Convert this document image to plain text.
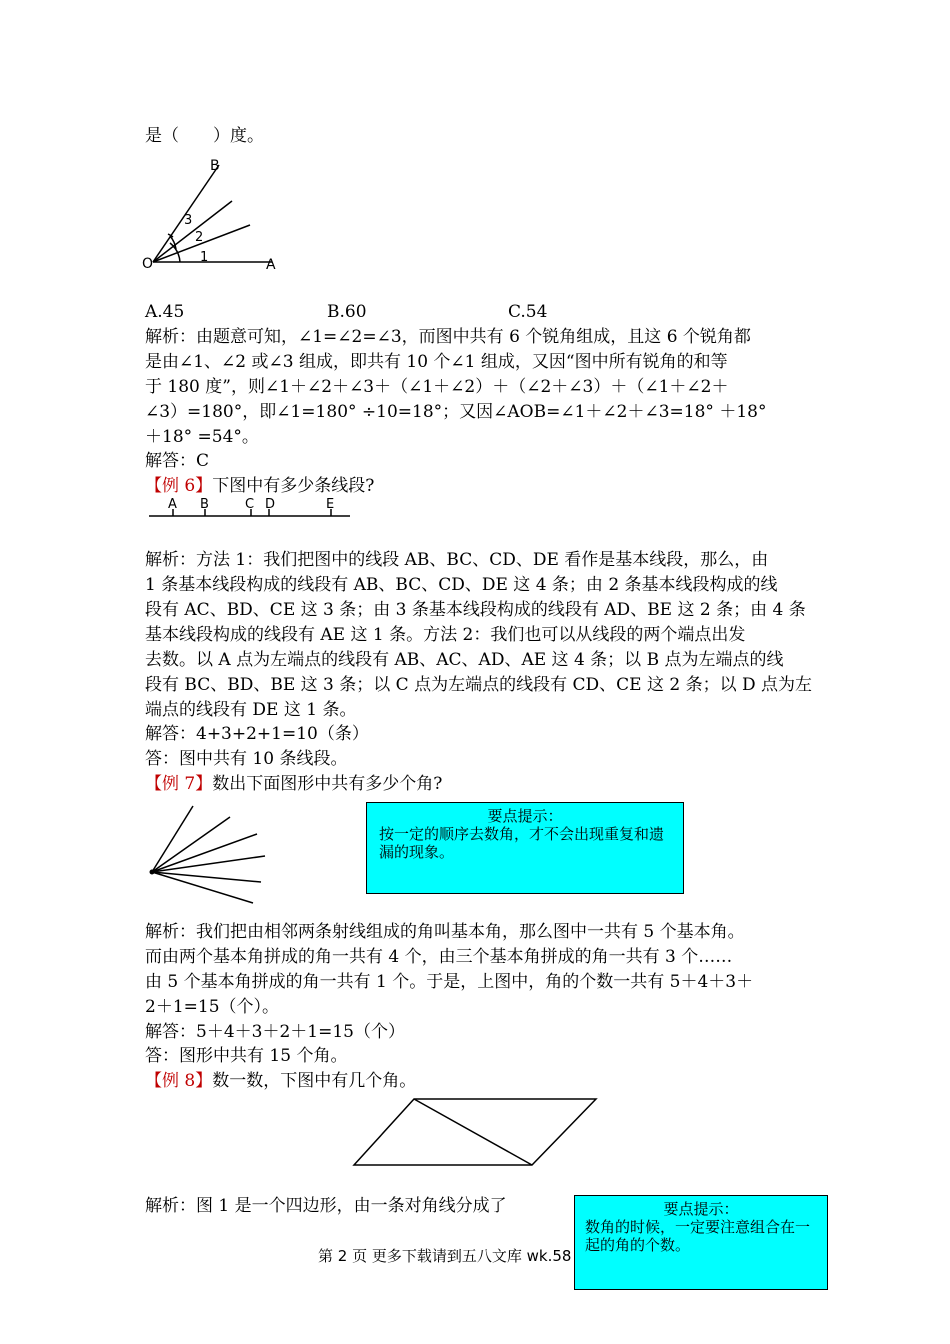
是（　　）度。
O	A
B
1
2
3
A.45	B.60	C.54
解析：由题意可知，∠1=∠2=∠3，而图中共有 6 个锐角组成，且这 6 个锐角都
是由∠1、∠2 或∠3 组成，即共有 10 个∠1 组成，又因“图中所有锐角的和等
于 180 度”，则∠1＋∠2＋∠3＋（∠1＋∠2）＋（∠2＋∠3）＋（∠1＋∠2＋
∠3）=180°，即∠1=180° ÷10=18°；又因∠AOB=∠1＋∠2＋∠3=18° ＋18°
＋18° =54°。
解答：C
【例 6】下图中有多少条线段?
A B	C D	E
解析：方法 1：我们把图中的线段 AB、BC、CD、DE 看作是基本线段，那么，由
1 条基本线段构成的线段有 AB、BC、CD、DE 这 4 条；由 2 条基本线段构成的线
段有 AC、BD、CE 这 3 条；由 3 条基本线段构成的线段有 AD、BE 这 2 条；由 4 条
基本线段构成的线段有 AE 这 1 条。方法 2：我们也可以从线段的两个端点出发
去数。以 A 点为左端点的线段有 AB、AC、AD、AE 这 4 条；以 B 点为左端点的线
段有 BC、BD、BE 这 3 条；以 C 点为左端点的线段有 CD、CE 这 2 条；以 D 点为左
端点的线段有 DE 这 1 条。
解答：4+3+2+1=10（条）
答：图中共有 10 条线段。
【例 7】数出下面图形中共有多少个角?
要点提示：
按一定的顺序去数角，才不会出现重复和遗漏的现象。
解析：我们把由相邻两条射线组成的角叫基本角，那么图中一共有 5 个基本角。
而由两个基本角拼成的角一共有 4 个，由三个基本角拼成的角一共有 3 个……
由 5 个基本角拼成的角一共有 1 个。于是，上图中，角的个数一共有 5＋4＋3＋
2＋1=15（个）。
解答：5＋4＋3＋2＋1=15（个）
答：图形中共有 15 个角。
【例 8】数一数，下图中有几个角。
解析：图 1 是一个四边形，由一条对角线分成了	要点提示：
数角的时候，一定要注意组合在一起的角的个数。
第 2 页 更多下载请到五八文库 wk.58
